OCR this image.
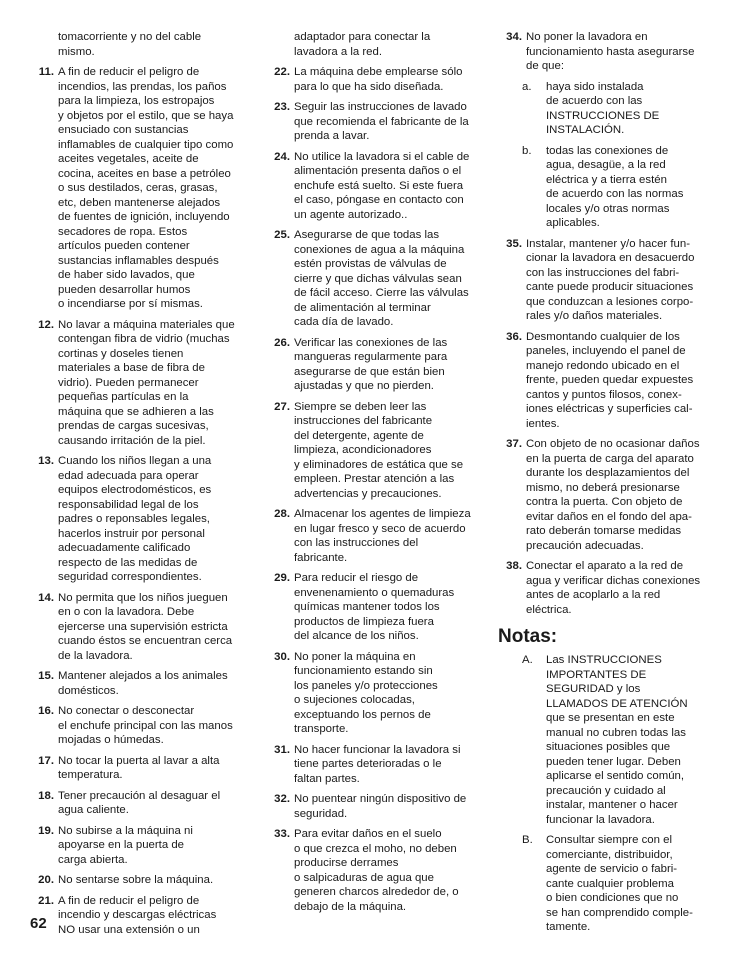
tomacorriente y no del cable
mismo.
11. A fin de reducir el peligro de
incendios, las prendas, los paños
para la limpieza, los estropajos
y objetos por el estilo, que se haya
ensuciado con sustancias
inflamables de cualquier tipo como
aceites vegetales, aceite de
cocina, aceites en base a petróleo
o sus destilados, ceras, grasas,
etc, deben mantenerse alejados
de fuentes de ignición, incluyendo
secadores de ropa. Estos
artículos pueden contener
sustancias inflamables después
de haber sido lavados, que
pueden desarrollar humos
o incendiarse por sí mismas.
12. No lavar a máquina materiales que
contengan fibra de vidrio (muchas
cortinas y doseles tienen
materiales a base de fibra de
vidrio). Pueden permanecer
pequeñas partículas en la
máquina que se adhieren a las
prendas de cargas sucesivas,
causando irritación de la piel.
13. Cuando los niños llegan a una
edad adecuada para operar
equipos electrodomésticos, es
responsabilidad legal de los
padres o reponsables legales,
hacerlos instruir por personal
adecuadamente calificado
respecto de las medidas de
seguridad correspondientes.
14. No permita que los niños jueguen
en o con la lavadora. Debe
ejercerse una supervisión estricta
cuando éstos se encuentran cerca
de la lavadora.
15. Mantener alejados a los animales
domésticos.
16. No conectar o desconectar
el enchufe principal con las manos
mojadas o húmedas.
17. No tocar la puerta al lavar a alta
temperatura.
18. Tener precaución al desaguar el
agua caliente.
19. No subirse a la máquina ni
apoyarse en la puerta de
carga abierta.
20. No sentarse sobre la máquina.
21. A fin de reducir el peligro de
incendio y descargas eléctricas
NO usar una extensión o un
adaptador para conectar la
lavadora a la red.
22. La máquina debe emplearse sólo
para lo que ha sido diseñada.
23. Seguir las instrucciones de lavado
que recomienda el fabricante de la
prenda a lavar.
24. No utilice la lavadora si el cable de
alimentación presenta daños o el
enchufe está suelto. Si este fuera
el caso, póngase en contacto con
un agente autorizado..
25. Asegurarse de que todas las
conexiones de agua a la máquina
estén provistas de válvulas de
cierre y que dichas válvulas sean
de fácil acceso. Cierre las válvulas
de alimentación al terminar
cada día de lavado.
26. Verificar las conexiones de las
mangueras regularmente para
asegurarse de que están bien
ajustadas y que no pierden.
27. Siempre se deben leer las
instrucciones del fabricante
del detergente, agente de
limpieza, acondicionadores
y eliminadores de estática que se
empleen. Prestar atención a las
advertencias y precauciones.
28. Almacenar los agentes de limpieza
en lugar fresco y seco de acuerdo
con las instrucciones del
fabricante.
29. Para reducir el riesgo de
envenenamiento o quemaduras
químicas mantener todos los
productos de limpieza fuera
del alcance de los niños.
30. No poner la máquina en
funcionamiento estando sin
los paneles y/o protecciones
o sujeciones colocadas,
exceptuando los pernos de
transporte.
31. No hacer funcionar la lavadora si
tiene partes deterioradas o le
faltan partes.
32. No puentear ningún dispositivo de
seguridad.
33. Para evitar daños en el suelo
o que crezca el moho, no deben
producirse derrames
o salpicaduras de agua que
generen charcos alrededor de, o
debajo de la máquina.
34. No poner la lavadora en
funcionamiento hasta asegurarse
de que:
a. haya sido instalada
de acuerdo con las
INSTRUCCIONES DE
INSTALACIÓN.
b. todas las conexiones de
agua, desagüe, a la red
eléctrica y a tierra estén
de acuerdo con las normas
locales y/o otras normas
aplicables.
35. Instalar, mantener y/o hacer fun-
cionar la lavadora en desacuerdo
con las instrucciones del fabri-
cante puede producir situaciones
que conduzcan a lesiones corpo-
rales y/o daños materiales.
36. Desmontando cualquier de los
paneles, incluyendo el panel de
manejo redondo ubicado en el
frente, pueden quedar expuestes
cantos y puntos filosos, conex-
iones eléctricas y superficies cal-
ientes.
37. Con objeto de no ocasionar daños
en la puerta de carga del aparato
durante los desplazamientos del
mismo, no deberá presionarse
contra la puerta. Con objeto de
evitar daños en el fondo del apa-
rato deberán tomarse medidas
precaución adecuadas.
38. Conectar el aparato a la red de
agua y verificar dichas conexiones
antes de acoplarlo a la red
eléctrica.
Notas:
A. Las INSTRUCCIONES
IMPORTANTES DE
SEGURIDAD y los
LLAMADOS DE ATENCIÓN
que se presentan en este
manual no cubren todas las
situaciones posibles que
pueden tener lugar. Deben
aplicarse el sentido común,
precaución y cuidado al
instalar, mantener o hacer
funcionar la lavadora.
B. Consultar siempre con el
comerciante, distribuidor,
agente de servicio o fabri-
cante cualquier problema
o bien condiciones que no
se han comprendido comple-
tamente.
62
